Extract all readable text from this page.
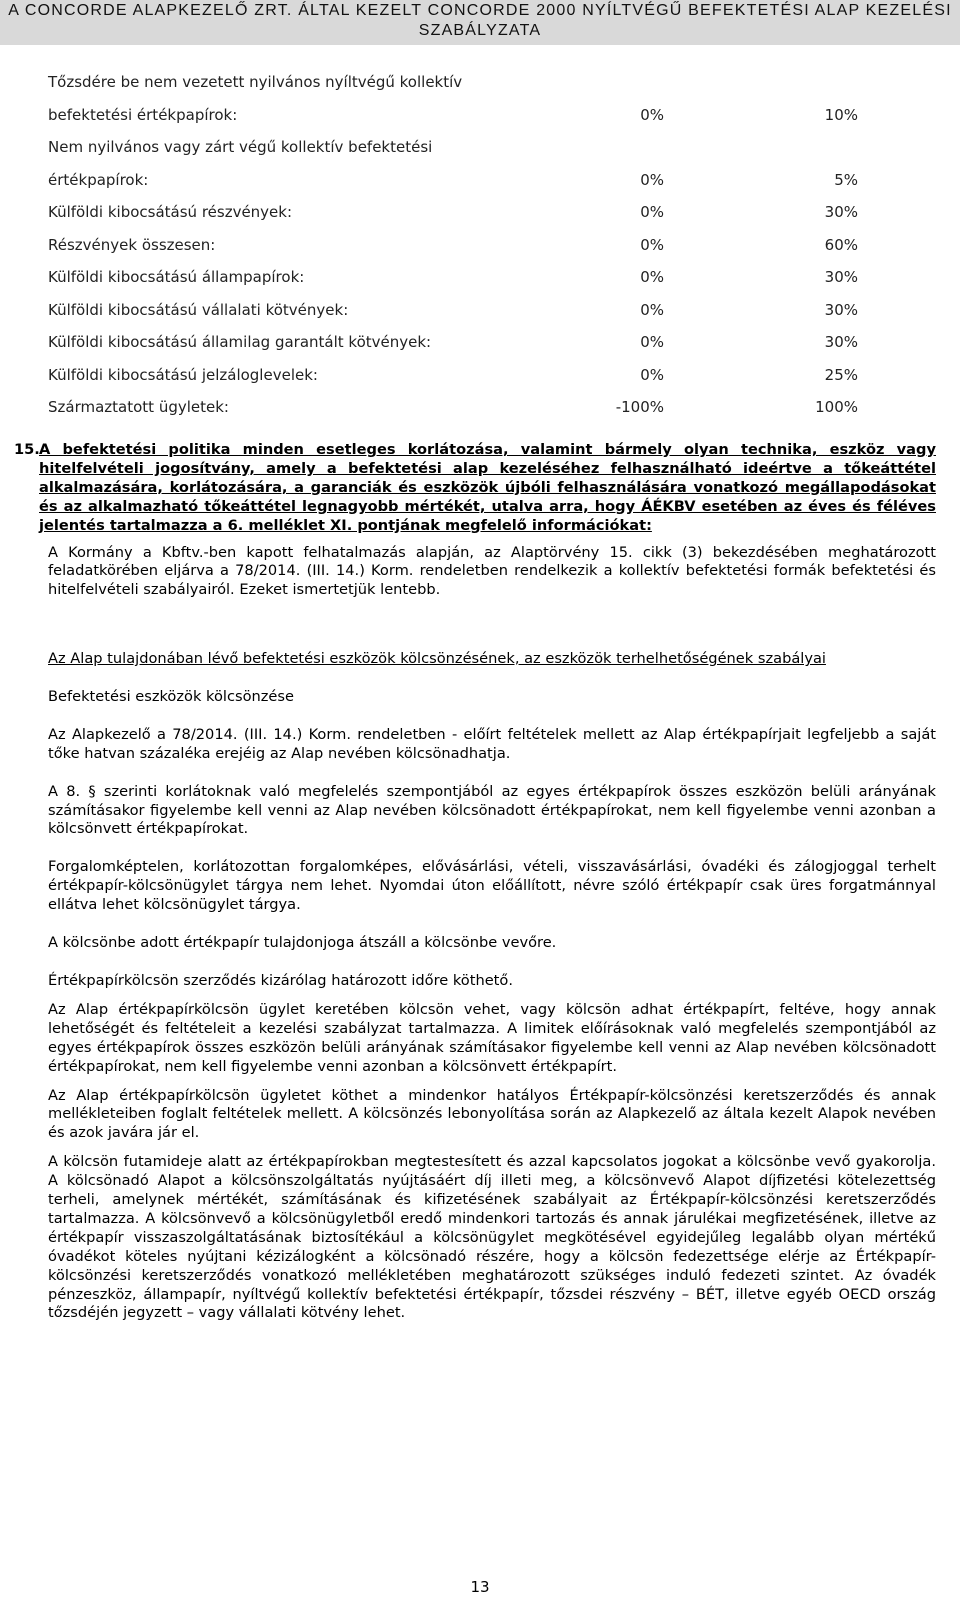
A CONCORDE ALAPKEZELŐ ZRT. ÁLTAL KEZELT CONCORDE 2000 NYÍLTVÉGŰ BEFEKTETÉSI ALAP KEZELÉSI
SZABÁLYZATA
Tőzsdére be nem vezetett nyilvános nyíltvégű kollektív
befektetési értékpapírok:	0%	10%
Nem nyilvános vagy zárt végű kollektív befektetési
értékpapírok:	0%	5%
Külföldi kibocsátású részvények:	0%	30%
Részvények összesen:	0%	60%
Külföldi kibocsátású állampapírok:	0%	30%
Külföldi kibocsátású vállalati kötvények:	0%	30%
Külföldi kibocsátású államilag garantált kötvények:	0%	30%
Külföldi kibocsátású jelzáloglevelek:	0%	25%
Származtatott ügyletek:	-100%	100%
15. A befektetési politika minden esetleges korlátozása, valamint bármely olyan technika, eszköz vagy hitelfelvételi jogosítvány, amely a befektetési alap kezeléséhez felhasználható ideértve a tőkeáttétel alkalmazására, korlátozására, a garanciák és eszközök újbóli felhasználására vonatkozó megállapodásokat és az alkalmazható tőkeáttétel legnagyobb mértékét, utalva arra, hogy ÁÉKBV esetében az éves és féléves jelentés tartalmazza a 6. melléklet XI. pontjának megfelelő információkat:

A Kormány a Kbftv.-ben kapott felhatalmazás alapján, az Alaptörvény 15. cikk (3) bekezdésében meghatározott feladatkörében eljárva a 78/2014. (III. 14.) Korm. rendeletben rendelkezik a kollektív befektetési formák befektetési és hitelfelvételi szabályairól. Ezeket ismertetjük lentebb.

Az Alap tulajdonában lévő befektetési eszközök kölcsönzésének, az eszközök terhelhetőségének szabályai

Befektetési eszközök kölcsönzése

Az Alapkezelő a 78/2014. (III. 14.) Korm. rendeletben - előírt feltételek mellett az Alap értékpapírjait legfeljebb a saját tőke hatvan százaléka erejéig az Alap nevében kölcsönadhatja.

A 8. § szerinti korlátoknak való megfelelés szempontjából az egyes értékpapírok összes eszközön belüli arányának számításakor figyelembe kell venni az Alap nevében kölcsönadott értékpapírokat, nem kell figyelembe venni azonban a kölcsönvett értékpapírokat.

Forgalomképtelen, korlátozottan forgalomképes, elővásárlási, vételi, visszavásárlási, óvadéki és zálogjoggal terhelt értékpapír-kölcsönügylet tárgya nem lehet. Nyomdai úton előállított, névre szóló értékpapír csak üres forgatmánnyal ellátva lehet kölcsönügylet tárgya.

A kölcsönbe adott értékpapír tulajdonjoga átszáll a kölcsönbe vevőre.

Értékpapírkölcsön szerződés kizárólag határozott időre köthető.

Az Alap értékpapírkölcsön ügylet keretében kölcsön vehet, vagy kölcsön adhat értékpapírt, feltéve, hogy annak lehetőségét és feltételeit a kezelési szabályzat tartalmazza. A limitek előírásoknak való megfelelés szempontjából az egyes értékpapírok összes eszközön belüli arányának számításakor figyelembe kell venni az Alap nevében kölcsönadott értékpapírokat, nem kell figyelembe venni azonban a kölcsönvett értékpapírt.

Az Alap értékpapírkölcsön ügyletet köthet a mindenkor hatályos Értékpapír-kölcsönzési keretszerződés és annak mellékleteiben foglalt feltételek mellett. A kölcsönzés lebonyolítása során az Alapkezelő az általa kezelt Alapok nevében és azok javára jár el.

A kölcsön futamideje alatt az értékpapírokban megtestesített és azzal kapcsolatos jogokat a kölcsönbe vevő gyakorolja. A kölcsönadó Alapot a kölcsönszolgáltatás nyújtásáért díj illeti meg, a kölcsönvevő Alapot díjfizetési kötelezettség terheli, amelynek mértékét, számításának és kifizetésének szabályait az Értékpapír-kölcsönzési keretszerződés tartalmazza. A kölcsönvevő a kölcsönügyletből eredő mindenkori tartozás és annak járulékai megfizetésének, illetve az értékpapír visszaszolgáltatásának biztosítékául a kölcsönügylet megkötésével egyidejűleg legalább olyan mértékű óvadékot köteles nyújtani kézizálogként a kölcsönadó részére, hogy a kölcsön fedezettsége elérje az Értékpapír-kölcsönzési keretszerződés vonatkozó mellékletében meghatározott szükséges induló fedezeti szintet. Az óvadék pénzeszköz, állampapír, nyíltvégű kollektív befektetési értékpapír, tőzsdei részvény – BÉT, illetve egyéb OECD ország tőzsdéjén jegyzett – vagy vállalati kötvény lehet.

13
